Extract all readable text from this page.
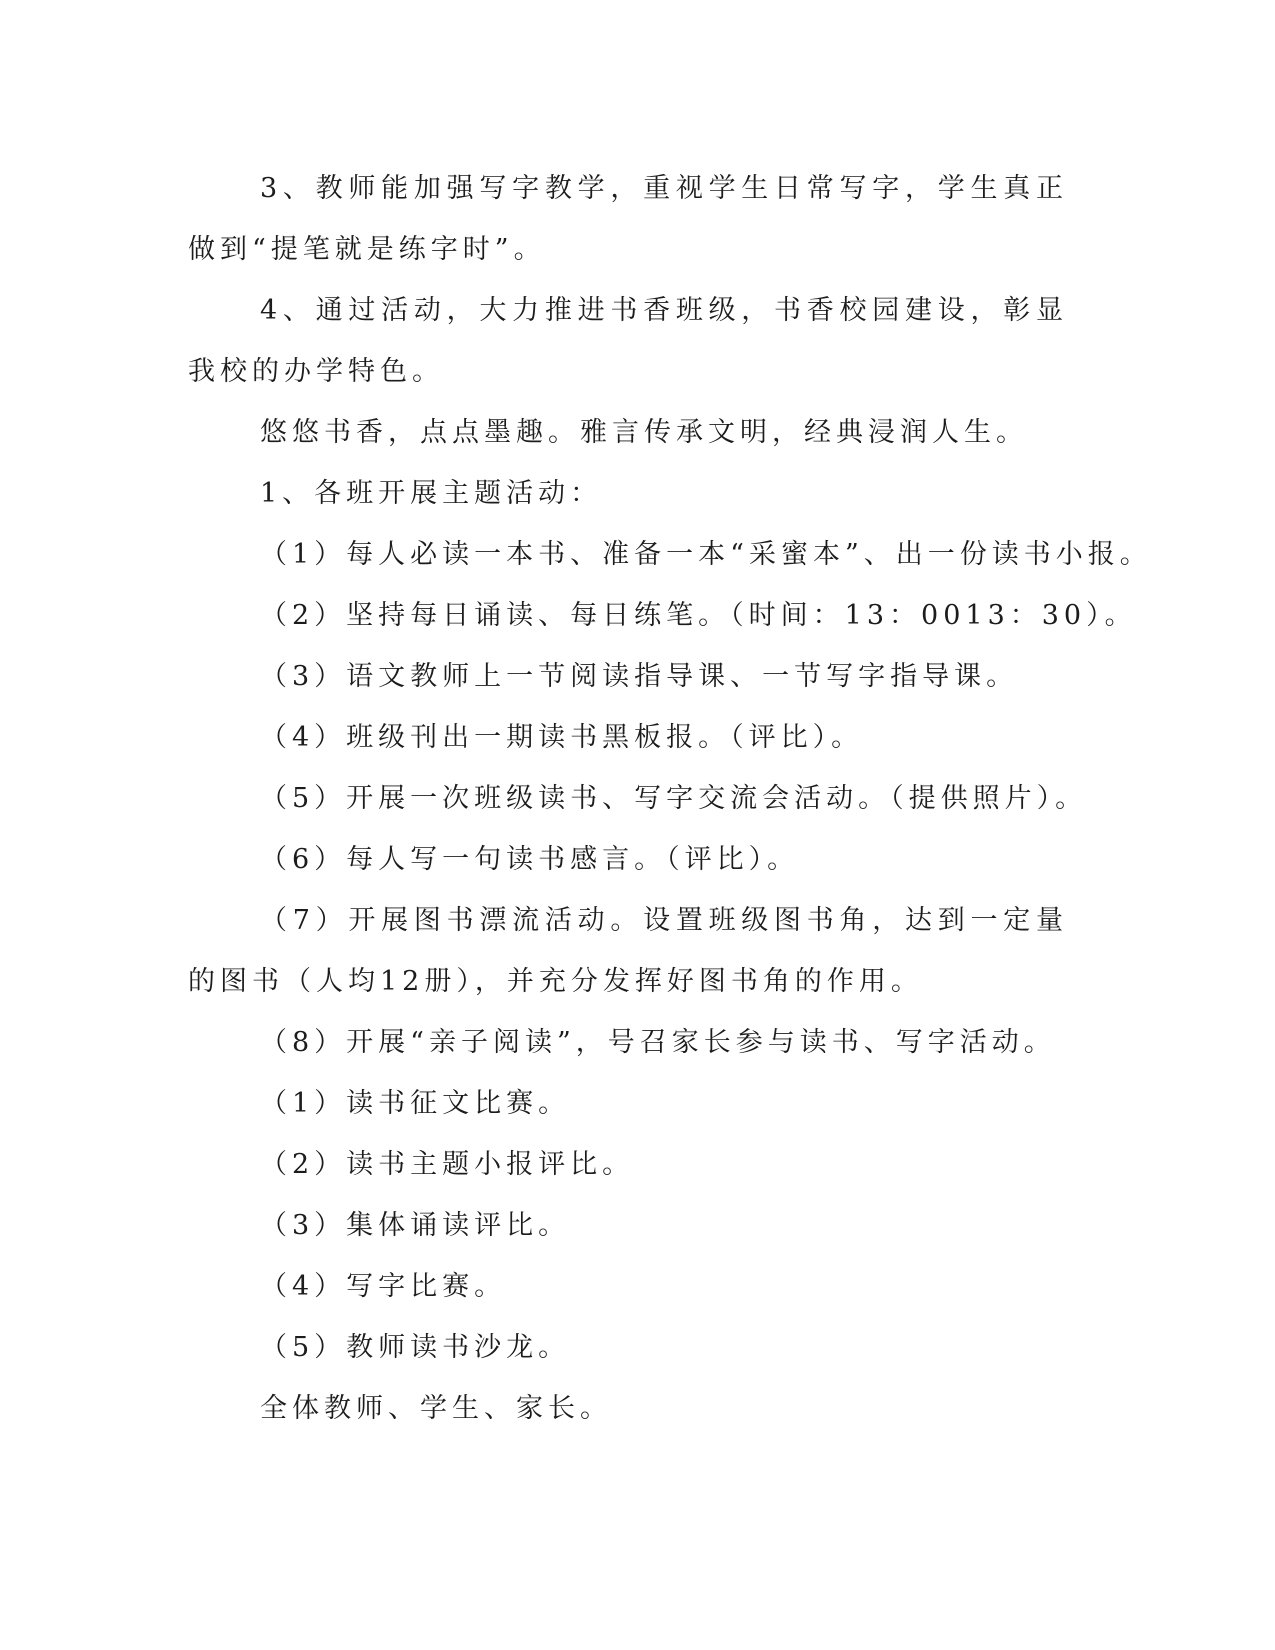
3、教师能加强写字教学，重视学生日常写字，学生真正做到“提笔就是练字时”。

4、通过活动，大力推进书香班级，书香校园建设，彰显我校的办学特色。

悠悠书香，点点墨趣。雅言传承文明，经典浸润人生。

1、各班开展主题活动：

（1）每人必读一本书、准备一本“采蜜本”、出一份读书小报。

（2）坚持每日诵读、每日练笔。（时间：13：0013：30）。

（3）语文教师上一节阅读指导课、一节写字指导课。

（4）班级刊出一期读书黑板报。（评比）。

（5）开展一次班级读书、写字交流会活动。（提供照片）。

（6）每人写一句读书感言。（评比）。

（7）开展图书漂流活动。设置班级图书角，达到一定量的图书（人均12册），并充分发挥好图书角的作用。

（8）开展“亲子阅读”，号召家长参与读书、写字活动。

（1）读书征文比赛。

（2）读书主题小报评比。

（3）集体诵读评比。

（4）写字比赛。

（5）教师读书沙龙。

全体教师、学生、家长。
